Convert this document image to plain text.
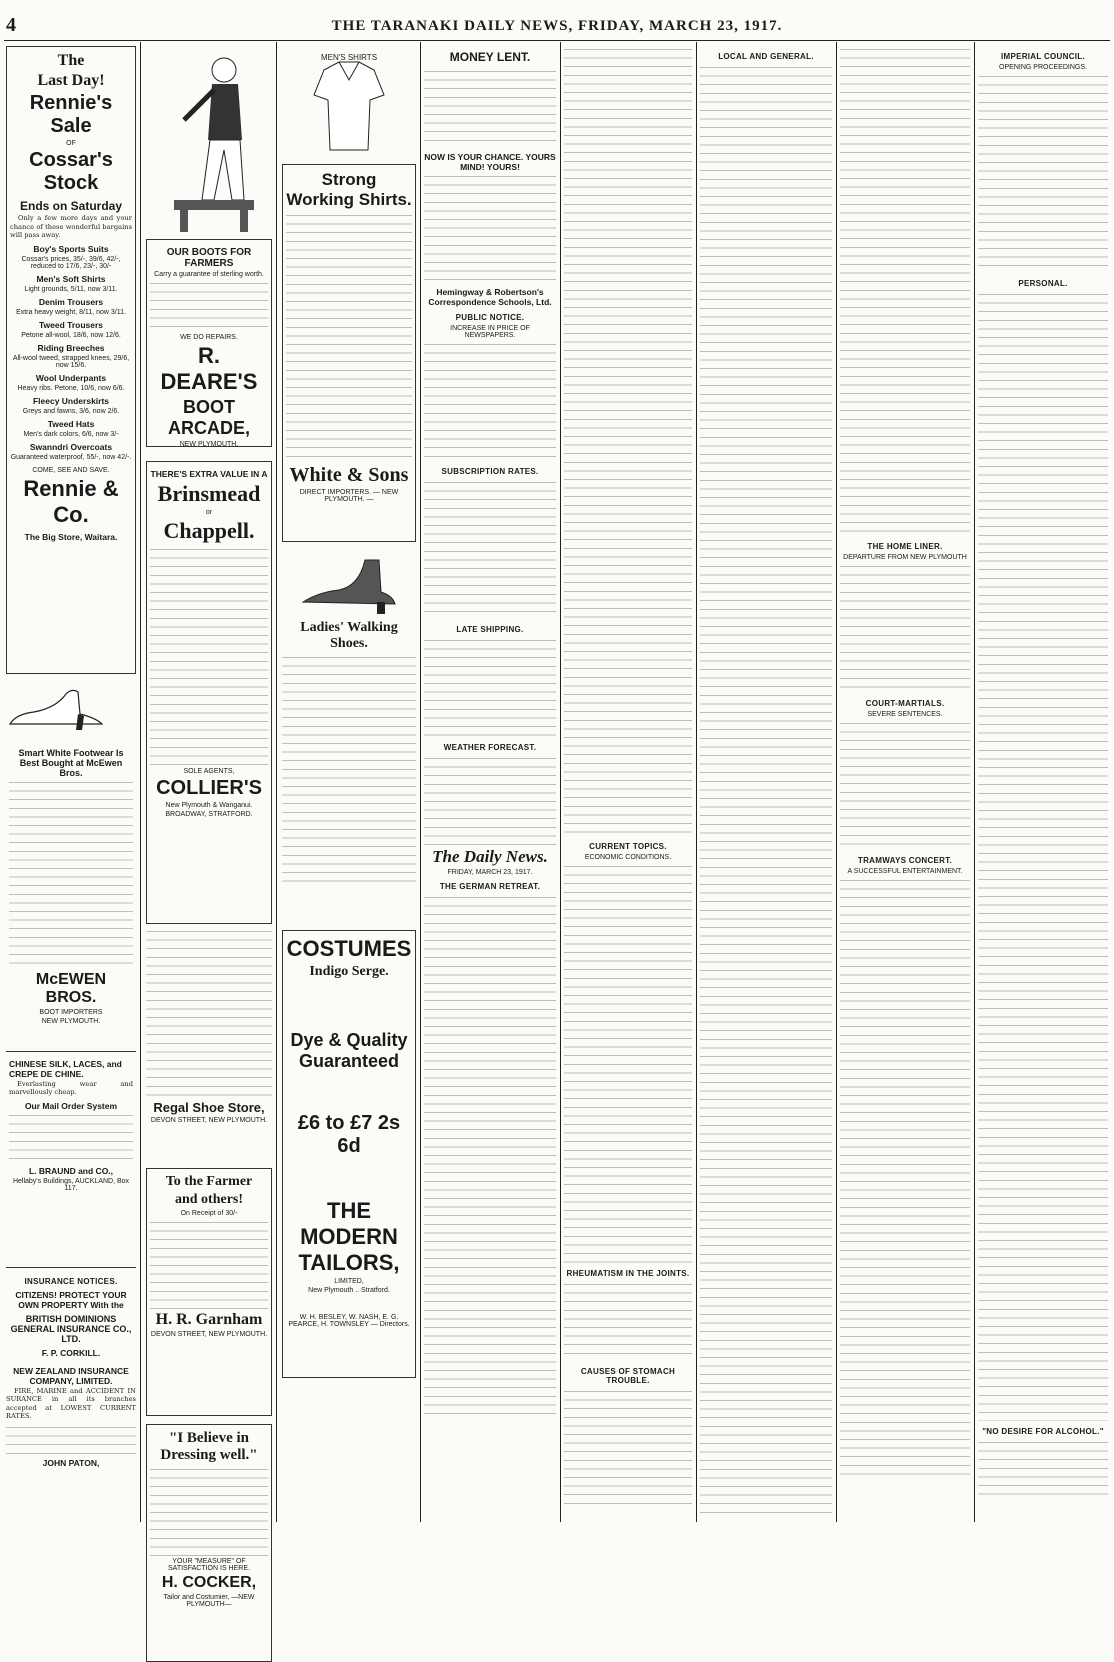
4	THE TARANAKI DAILY NEWS, FRIDAY, MARCH 23, 1917.
The
Last Day!
Rennie's Sale
OF
Cossar's Stock
Ends on Saturday

Only a few more days and your chance of these wonderful bargains will pass away.

Boy's Sports Suits
Cossar's prices, 35/-, 39/6, 42/-, reduced to 17/6, 23/-, 30/-
Men's Soft Shirts
Light grounds, 5/11, now 3/11.
Denim Trousers
Extra heavy weight, 8/11, now 3/11.
Tweed Trousers
Petone all-wool, 18/6, now 12/6.
Riding Breeches
All-wool tweed, strapped knees, 29/6, now 15/6.
Wool Underpants
Heavy ribs. Petone, 10/6, now 6/6.
Fleecy Underskirts
Greys and fawns, 3/6, now 2/6.
Tweed Hats
Men's dark colors, 6/6, now 3/-
Swanndri Overcoats
Guaranteed waterproof, 55/-, now 42/-.
COME, SEE AND SAVE.
Rennie & Co.
The Big Store, Waitara.
Smart White Footwear Is Best Bought at McEwen Bros.
McEWEN BROS.
BOOT IMPORTERS
NEW PLYMOUTH.
CHINESE SILK, LACES, and CREPE DE CHINE.

Everlasting wear and marvellously cheap.

Our Mail Order System
L. BRAUND and CO.,
Hellaby's Buildings, AUCKLAND, Box 117.
INSURANCE NOTICES.
CITIZENS! PROTECT YOUR OWN PROPERTY With the
BRITISH DOMINIONS GENERAL INSURANCE CO., LTD.
F. P. CORKILL.
NEW ZEALAND INSURANCE COMPANY, LIMITED.

FIRE, MARINE and ACCIDENT IN SURANCE in all its branches accepted at LOWEST CURRENT RATES.

JOHN PATON,
OUR BOOTS FOR FARMERS
Carry a guarantee of sterling worth.
WE DO REPAIRS.
R. DEARE'S
BOOT ARCADE,
NEW PLYMOUTH.
THERE'S EXTRA VALUE IN A
Brinsmead
or
Chappell.
SOLE AGENTS,
COLLIER'S
New Plymouth & Wanganui.
BROADWAY, STRATFORD.
Regal Shoe Store,
DEVON STREET, NEW PLYMOUTH.
To the Farmer
and others!
On Receipt of 30/-
H. R. Garnham
DEVON STREET, NEW PLYMOUTH.
"I Believe in Dressing well."
YOUR "MEASURE" OF SATISFACTION IS HERE.
H. COCKER,
Tailor and Costumier, —NEW PLYMOUTH—
MEN'S SHIRTS
Strong Working Shirts.
White & Sons
DIRECT IMPORTERS. — NEW PLYMOUTH. —
Ladies' Walking Shoes.
COSTUMES
Indigo Serge.
Dye & Quality Guaranteed
£6 to £7 2s 6d
THE MODERN TAILORS,
LIMITED,
New Plymouth .. Stratford.
W. H. BESLEY, W. NASH, E. G. PEARCE, H. TOWNSLEY — Directors.
MONEY LENT.
NOW IS YOUR CHANCE. YOURS MIND! YOURS!
Hemingway & Robertson's Correspondence Schools, Ltd.
PUBLIC NOTICE.
INCREASE IN PRICE OF NEWSPAPERS.
SUBSCRIPTION RATES.
LATE SHIPPING.
WEATHER FORECAST.
The Daily News.
FRIDAY, MARCH 23, 1917.
THE GERMAN RETREAT.
CURRENT TOPICS.
ECONOMIC CONDITIONS.
RHEUMATISM IN THE JOINTS.
CAUSES OF STOMACH TROUBLE.
LOCAL AND GENERAL.
THE HOME LINER.
DEPARTURE FROM NEW PLYMOUTH
COURT-MARTIALS.
SEVERE SENTENCES.
TRAMWAYS CONCERT.
A SUCCESSFUL ENTERTAINMENT.
IMPERIAL COUNCIL.
OPENING PROCEEDINGS.
PERSONAL.
"NO DESIRE FOR ALCOHOL."
